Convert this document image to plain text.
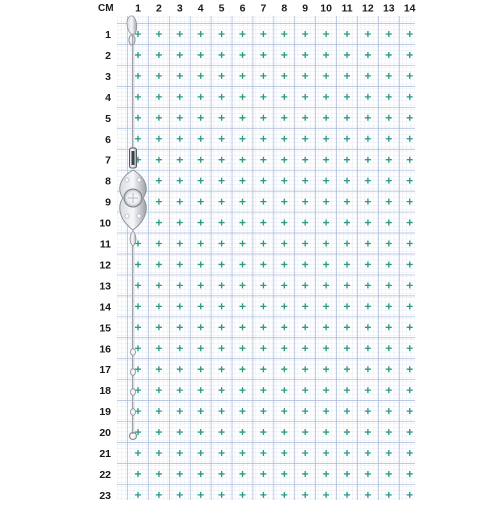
CM 1 2 3 4 5 6 7 8 9 10 11 12 13 14
1
2
3
4
5
6
7
8
9
10
11
12
13
14
15
16
17
18
19
20
21
22
23
